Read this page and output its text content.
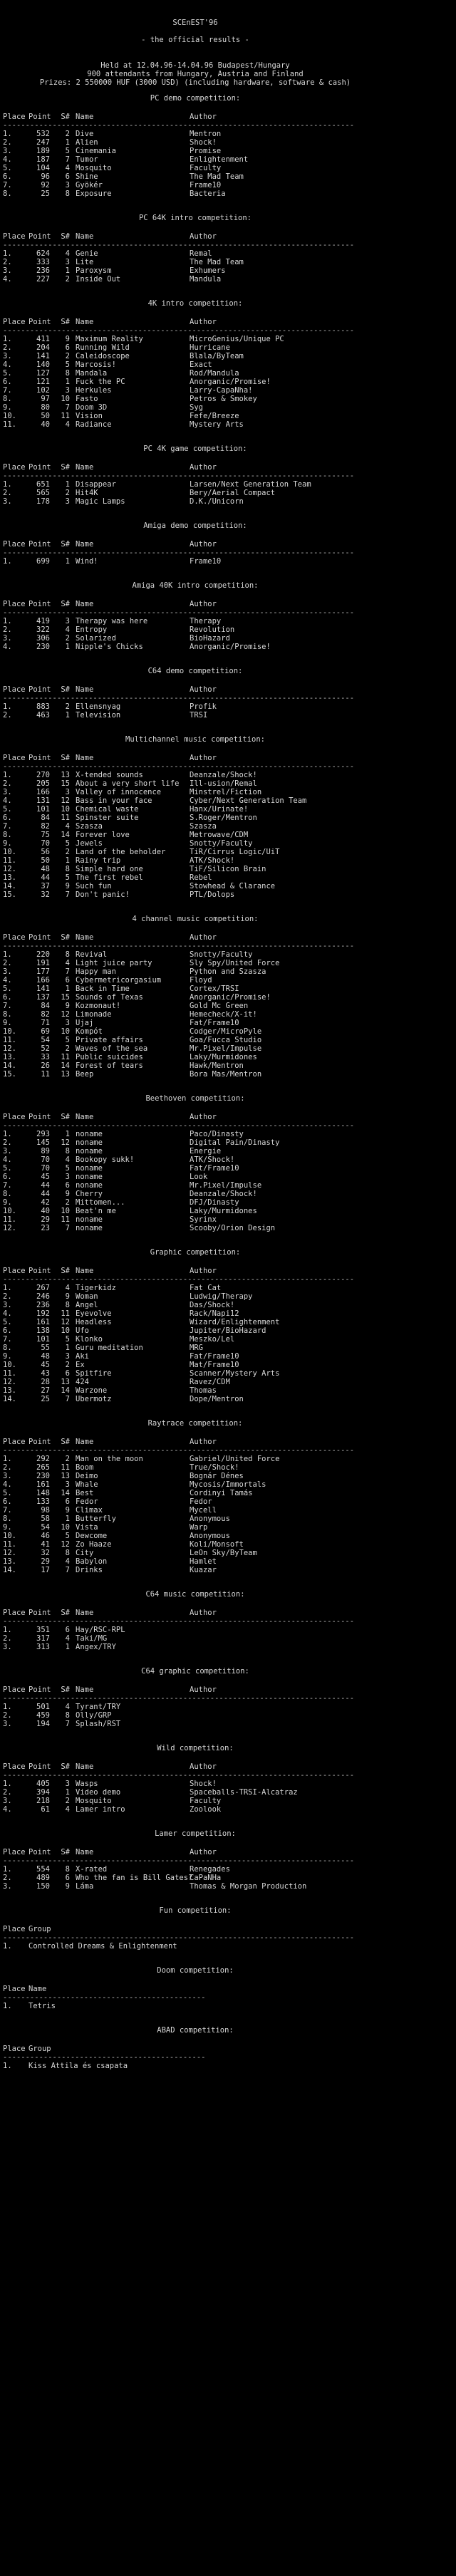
SCEnEST'96
- the official results -
Held at 12.04.96-14.04.96 Budapest/Hungary
900 attendants from Hungary, Austria and Finland
Prizes: 2 550000 HUF (3000 USD) (including hardware, software & cash)
PC demo competition:
Place Point	S# Name	Author
------------------------------------------------------------------------------
1.	532	2 Dive	Mentron
2.	247	1 Alien	Shock!
3.	189	5 Cinemania	Promise
4.	187	7 Tumor	Enlightenment
5.	104	4 Mosquito	Faculty
6.	96	6 Shine	The Mad Team
7.	92	3 Gyökér	Frame10
8.	25	8 Exposure	Bacteria
PC 64K intro competition:
Place Point	S# Name	Author
------------------------------------------------------------------------------
1.	624	4 Genie	Remal
2.	333	3 Lite	The Mad Team
3.	236	1 Paroxysm	Exhumers
4.	227	2 Inside Out	Mandula
4K intro competition:
Place Point	S# Name	Author
------------------------------------------------------------------------------
1.	411	9 Maximum Reality	MicroGenius/Unique PC
2.	204	6 Running Wild	Hurricane
3.	141	2 Caleidoscope	Blala/ByTeam
4.	140	5 Marcosis!	Exact
5.	127	8 Mandala	Rod/Mandula
6.	121	1 Fuck the PC	Anorganic/Promise!
7.	102	3 Herkules	Larry-CapaNha!
8.	97	10 Fasto	Petros & Smokey
9.	80	7 Doom 3D	Syg
10.	50	11 Vision	Fefe/Breeze
11.	40	4 Radiance	Mystery Arts
PC 4K game competition:
Place Point	S# Name	Author
------------------------------------------------------------------------------
1.	651	1 Disappear	Larsen/Next Generation Team
2.	565	2 Hit4K	Bery/Aerial Compact
3.	178	3 Magic Lamps	D.K./Unicorn
Amiga demo competition:
Place Point	S# Name	Author
------------------------------------------------------------------------------
1.	699	1 Wind!	Frame10
Amiga 40K intro competition:
Place Point	S# Name	Author
------------------------------------------------------------------------------
1.	419	3 Therapy was here	Therapy
2.	322	4 Entropy	Revolution
3.	306	2 Solarized	BioHazard
4.	230	1 Nipple's Chicks	Anorganic/Promise!
C64 demo competition:
Place Point	S# Name	Author
------------------------------------------------------------------------------
1.	883	2 Ellensnyag	Profik
2.	463	1 Television	TRSI
Multichannel music competition:
Place Point	S# Name	Author
------------------------------------------------------------------------------
1.	270	13 X-tended sounds	Deanzale/Shock!
2.	205	15 About a very short life	Ill-usion/Remal
3.	166	3 Valley of innocence	Minstrel/Fiction
4.	131	12 Bass in your face	Cyber/Next Generation Team
5.	101	10 Chemical waste	Hanx/Urinate!
6.	84	11 Spinster suite	S.Roger/Mentron
7.	82	4 Szasza	Szasza
8.	75	14 Forever love	Metrowave/CDM
9.	70	5 Jewels	Snotty/Faculty
10.	56	2 Land of the beholder	TiR/Cirrus Logic/UiT
11.	50	1 Rainy trip	ATK/Shock!
12.	48	8 Simple hard one	TiF/Silicon Brain
13.	44	5 The first rebel	Rebel
14.	37	9 Such fun	Stowhead & Clarance
15.	32	7 Don't panic!	PTL/Dolops
4 channel music competition:
Place Point	S# Name	Author
------------------------------------------------------------------------------
1.	220	8 Revival	Snotty/Faculty
2.	191	4 Light juice party	Sly Spy/United Force
3.	177	7 Happy man	Python and Szasza
4.	166	6 Cybermetricorgasium	Floyd
5.	141	1 Back in Time	Cortex/TRSI
6.	137	15 Sounds of Texas	Anorganic/Promise!
7.	84	9 Kozmonaut!	Gold Mc Green
8.	82	12 Limonade	Hemecheck/X-it!
9.	71	3 Ujaj	Fat/Frame10
10.	69	10 Kompót	Codger/MicroPyle
11.	54	5 Private affairs	Goa/Fucca Studio
12.	52	2 Waves of the sea	Mr.Pixel/Impulse
13.	33	11 Public suicides	Laky/Murmidones
14.	26	14 Forest of tears	Hawk/Mentron
15.	11	13 Beep	Bora Mas/Mentron
Beethoven competition:
Place Point	S# Name	Author
------------------------------------------------------------------------------
1.	293	1 noname	Paco/Dinasty
2.	145	12 noname	Digital Pain/Dinasty
3.	89	8 noname	Energie
4.	70	4 Bookopy sukk!	ATK/Shock!
5.	70	5 noname	Fat/Frame10
6.	45	3 noname	Look
7.	44	6 noname	Mr.Pixel/Impulse
8.	44	9 Cherry	Deanzale/Shock!
9.	42	2 Mittomen...	DFJ/Dinasty
10.	40	10 Beat'n me	Laky/Murmidones
11.	29	11 noname	Syrinx
12.	23	7 noname	Scooby/Orion Design
Graphic competition:
Place Point	S# Name	Author
------------------------------------------------------------------------------
1.	267	4 Tigerkidz	Fat Cat
2.	246	9 Woman	Ludwig/Therapy
3.	236	8 Angel	Das/Shock!
4.	192	11 Eyevolve	Rack/Napi12
5.	161	12 Headless	Wizard/Enlightenment
6.	138	10 Ufo	Jupiter/BioHazard
7.	101	5 Klonko	Meszko/Lel
8.	55	1 Guru meditation	MRG
9.	48	3 Aki	Fat/Frame10
10.	45	2 Ex	Mat/Frame10
11.	43	6 Spitfire	Scanner/Mystery Arts
12.	28	13 424	Ravez/CDM
13.	27	14 Warzone	Thomas
14.	25	7 Ubermotz	Dope/Mentron
Raytrace competition:
Place Point	S# Name	Author
------------------------------------------------------------------------------
1.	292	2 Man on the moon	Gabriel/United Force
2.	265	11 Boom	True/Shock!
3.	230	13 Deimo	Bognár Dénes
4.	161	3 Whale	Mycosis/Immortals
5.	148	14 Best	Cordinyi Tamás
6.	133	6 Fedor	Fedor
7.	98	9 Climax	Mycell
8.	58	1 Butterfly	Anonymous
9.	54	10 Vista	Warp
10.	46	5 Dewcome	Anonymous
11.	41	12 Zo Haaze	Koli/Monsoft
12.	32	8 City	LeOn Sky/ByTeam
13.	29	4 Babylon	Hamlet
14.	17	7 Drinks	Kuazar
C64 music competition:
Place Point	S# Name	Author
------------------------------------------------------------------------------
1.	351	6 Hay/RSC-RPL
2.	317	4 Taki/MG
3.	313	1 Angex/TRY
C64 graphic competition:
Place Point	S# Name	Author
------------------------------------------------------------------------------
1.	501	4 Tyrant/TRY
2.	459	8 Olly/GRP
3.	194	7 Splash/RST
Wild competition:
Place Point	S# Name	Author
------------------------------------------------------------------------------
1.	405	3 Wasps	Shock!
2.	394	1 Video demo	Spaceballs-TRSI-Alcatraz
3.	218	2 Mosquito	Faculty
4.	61	4 Lamer intro	Zoolook
Lamer competition:
Place Point	S# Name	Author
------------------------------------------------------------------------------
1.	554	8 X-rated	Renegades
2.	489	6 Who the fan is Bill Gates?
CaPaNHa
3.	150	9 Láma	Thomas & Morgan Production
Fun competition:
Place Group
------------------------------------------------------------------------------
1.	Controlled Dreams & Enlightenment
Doom competition:
Place Name
---------------------------------------------
1.	Tetris
ABAD competition:
Place Group
---------------------------------------------
1.	Kiss Attila és csapata
